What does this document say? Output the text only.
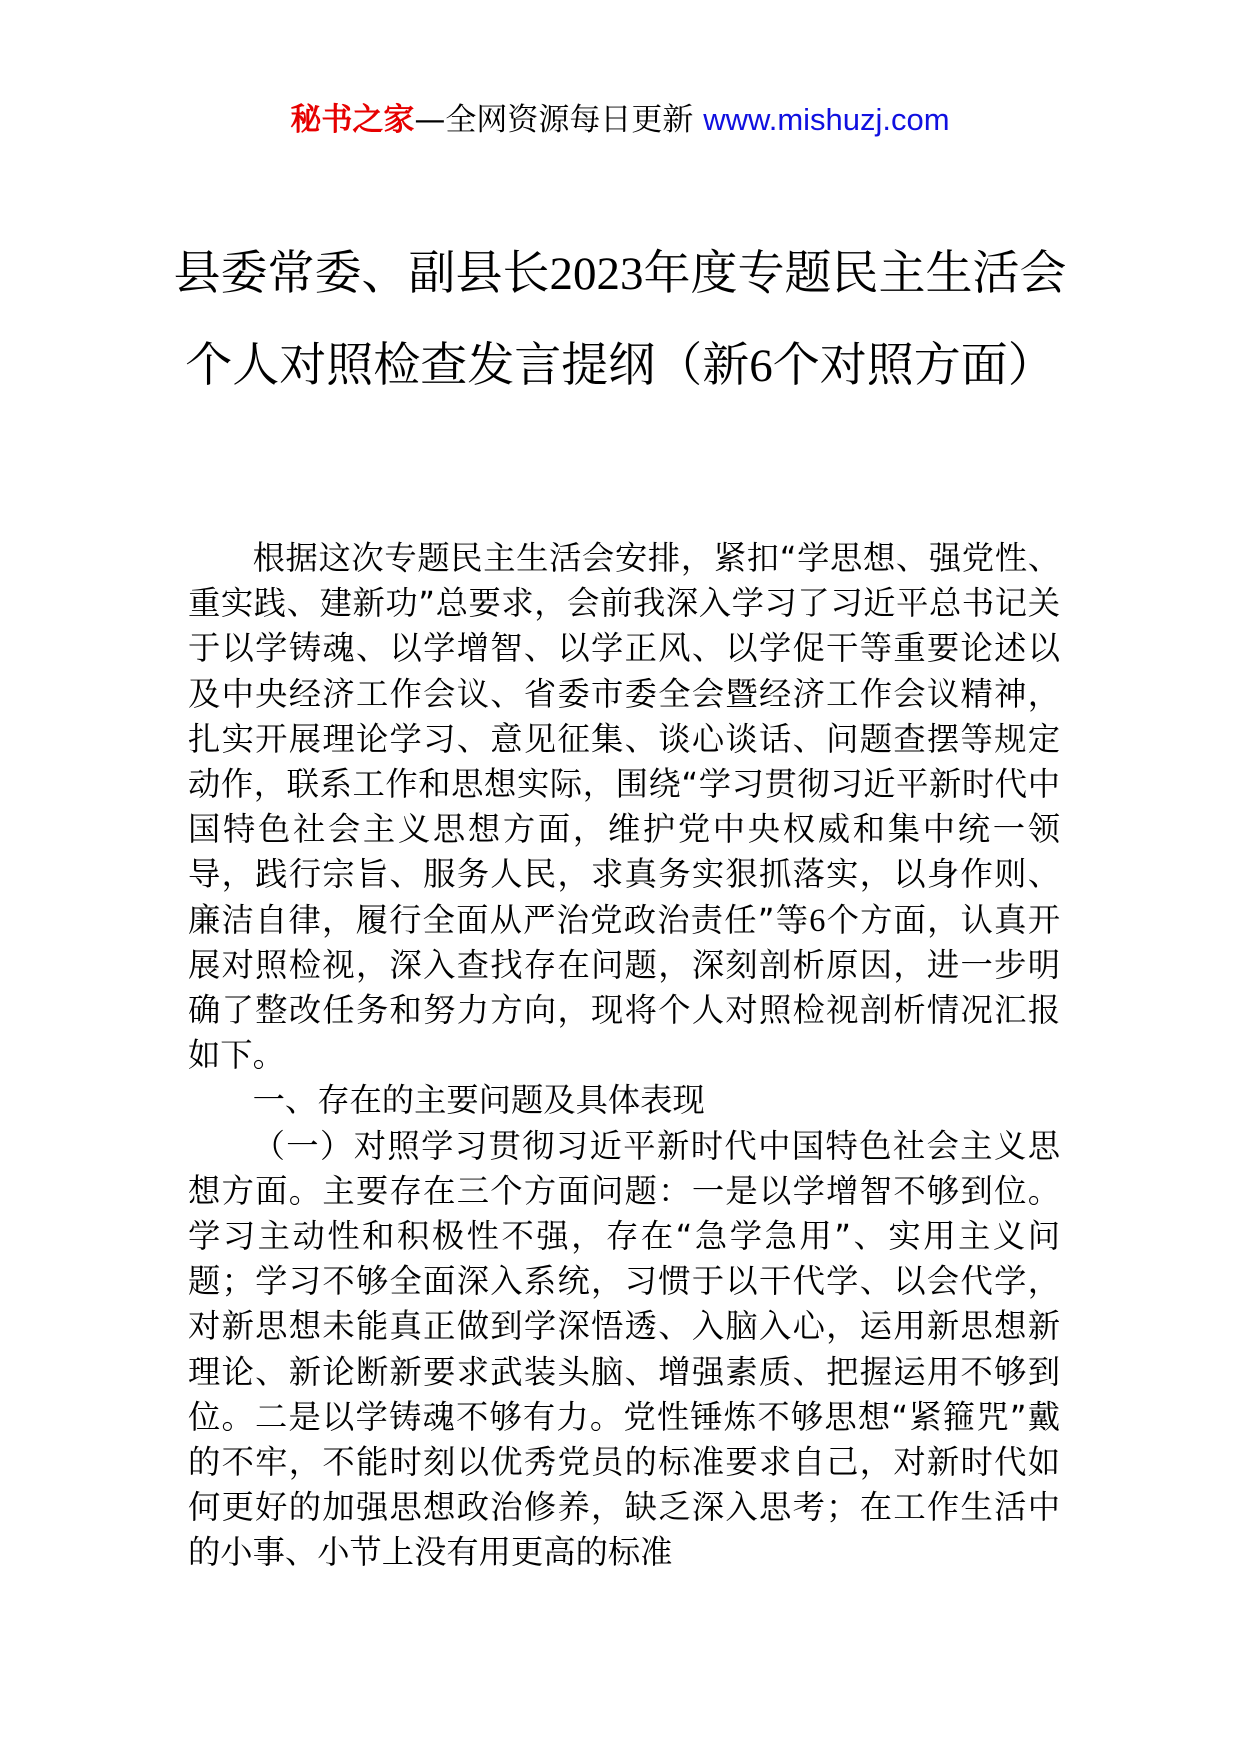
秘书之家—全网资源每日更新 www.mishuzj.com
县委常委、副县长2023年度专题民主生活会个人对照检查发言提纲（新6个对照方面）

根据这次专题民主生活会安排，紧扣“学思想、强党性、重实践、建新功”总要求，会前我深入学习了习近平总书记关于以学铸魂、以学增智、以学正风、以学促干等重要论述以及中央经济工作会议、省委市委全会暨经济工作会议精神，扎实开展理论学习、意见征集、谈心谈话、问题查摆等规定动作，联系工作和思想实际，围绕“学习贯彻习近平新时代中国特色社会主义思想方面，维护党中央权威和集中统一领导，践行宗旨、服务人民，求真务实狠抓落实，以身作则、廉洁自律，履行全面从严治党政治责任”等6个方面，认真开展对照检视，深入查找存在问题，深刻剖析原因，进一步明确了整改任务和努力方向，现将个人对照检视剖析情况汇报如下。

一、存在的主要问题及具体表现

（一）对照学习贯彻习近平新时代中国特色社会主义思想方面。主要存在三个方面问题：一是以学增智不够到位。学习主动性和积极性不强，存在“急学急用”、实用主义问题；学习不够全面深入系统，习惯于以干代学、以会代学，对新思想未能真正做到学深悟透、入脑入心，运用新思想新理论、新论断新要求武装头脑、增强素质、把握运用不够到位。二是以学铸魂不够有力。党性锤炼不够思想“紧箍咒”戴的不牢，不能时刻以优秀党员的标准要求自己，对新时代如何更好的加强思想政治修养，缺乏深入思考；在工作生活中的小事、小节上没有用更高的标准
